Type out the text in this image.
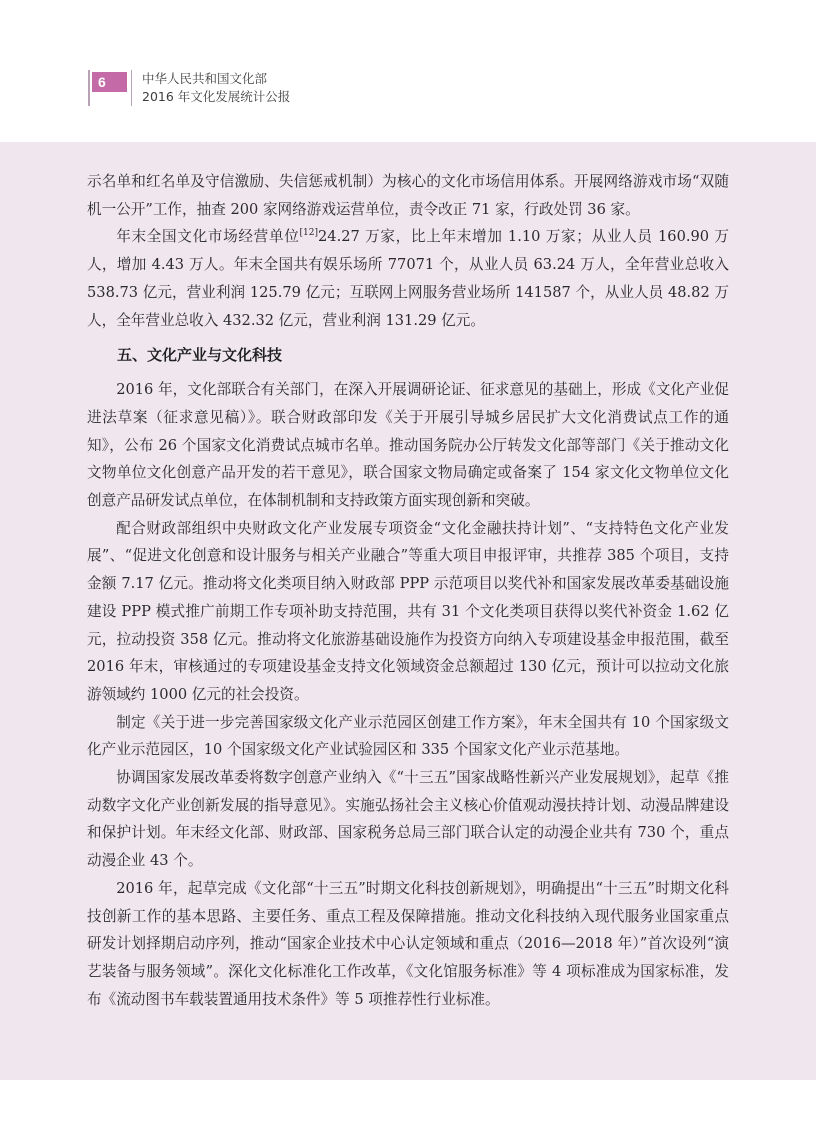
6	中华人民共和国文化部
2016 年文化发展统计公报

示名单和红名单及守信激励、失信惩戒机制）为核心的文化市场信用体系。开展网络游戏市场“双随机一公开”工作，抽查 200 家网络游戏运营单位，责令改正 71 家，行政处罚 36 家。

年末全国文化市场经营单位[12]24.27 万家，比上年末增加 1.10 万家；从业人员 160.90 万人，增加 4.43 万人。年末全国共有娱乐场所 77071 个，从业人员 63.24 万人，全年营业总收入 538.73 亿元，营业利润 125.79 亿元；互联网上网服务营业场所 141587 个，从业人员 48.82 万人，全年营业总收入 432.32 亿元，营业利润 131.29 亿元。

五、文化产业与文化科技

2016 年，文化部联合有关部门，在深入开展调研论证、征求意见的基础上，形成《文化产业促进法草案（征求意见稿）》。联合财政部印发《关于开展引导城乡居民扩大文化消费试点工作的通知》，公布 26 个国家文化消费试点城市名单。推动国务院办公厅转发文化部等部门《关于推动文化文物单位文化创意产品开发的若干意见》，联合国家文物局确定或备案了 154 家文化文物单位文化创意产品研发试点单位，在体制机制和支持政策方面实现创新和突破。

配合财政部组织中央财政文化产业发展专项资金“文化金融扶持计划”、“支持特色文化产业发展”、“促进文化创意和设计服务与相关产业融合”等重大项目申报评审，共推荐 385 个项目，支持金额 7.17 亿元。推动将文化类项目纳入财政部 PPP 示范项目以奖代补和国家发展改革委基础设施建设 PPP 模式推广前期工作专项补助支持范围，共有 31 个文化类项目获得以奖代补资金 1.62 亿元，拉动投资 358 亿元。推动将文化旅游基础设施作为投资方向纳入专项建设基金申报范围，截至 2016 年末，审核通过的专项建设基金支持文化领域资金总额超过 130 亿元，预计可以拉动文化旅游领域约 1000 亿元的社会投资。

制定《关于进一步完善国家级文化产业示范园区创建工作方案》，年末全国共有 10 个国家级文化产业示范园区，10 个国家级文化产业试验园区和 335 个国家文化产业示范基地。

协调国家发展改革委将数字创意产业纳入《“十三五”国家战略性新兴产业发展规划》，起草《推动数字文化产业创新发展的指导意见》。实施弘扬社会主义核心价值观动漫扶持计划、动漫品牌建设和保护计划。年末经文化部、财政部、国家税务总局三部门联合认定的动漫企业共有 730 个，重点动漫企业 43 个。

2016 年，起草完成《文化部“十三五”时期文化科技创新规划》，明确提出“十三五”时期文化科技创新工作的基本思路、主要任务、重点工程及保障措施。推动文化科技纳入现代服务业国家重点研发计划择期启动序列，推动“国家企业技术中心认定领域和重点（2016—2018 年）”首次设列“演艺装备与服务领域”。深化文化标准化工作改革，《文化馆服务标准》等 4 项标准成为国家标准，发布《流动图书车载装置通用技术条件》等 5 项推荐性行业标准。
